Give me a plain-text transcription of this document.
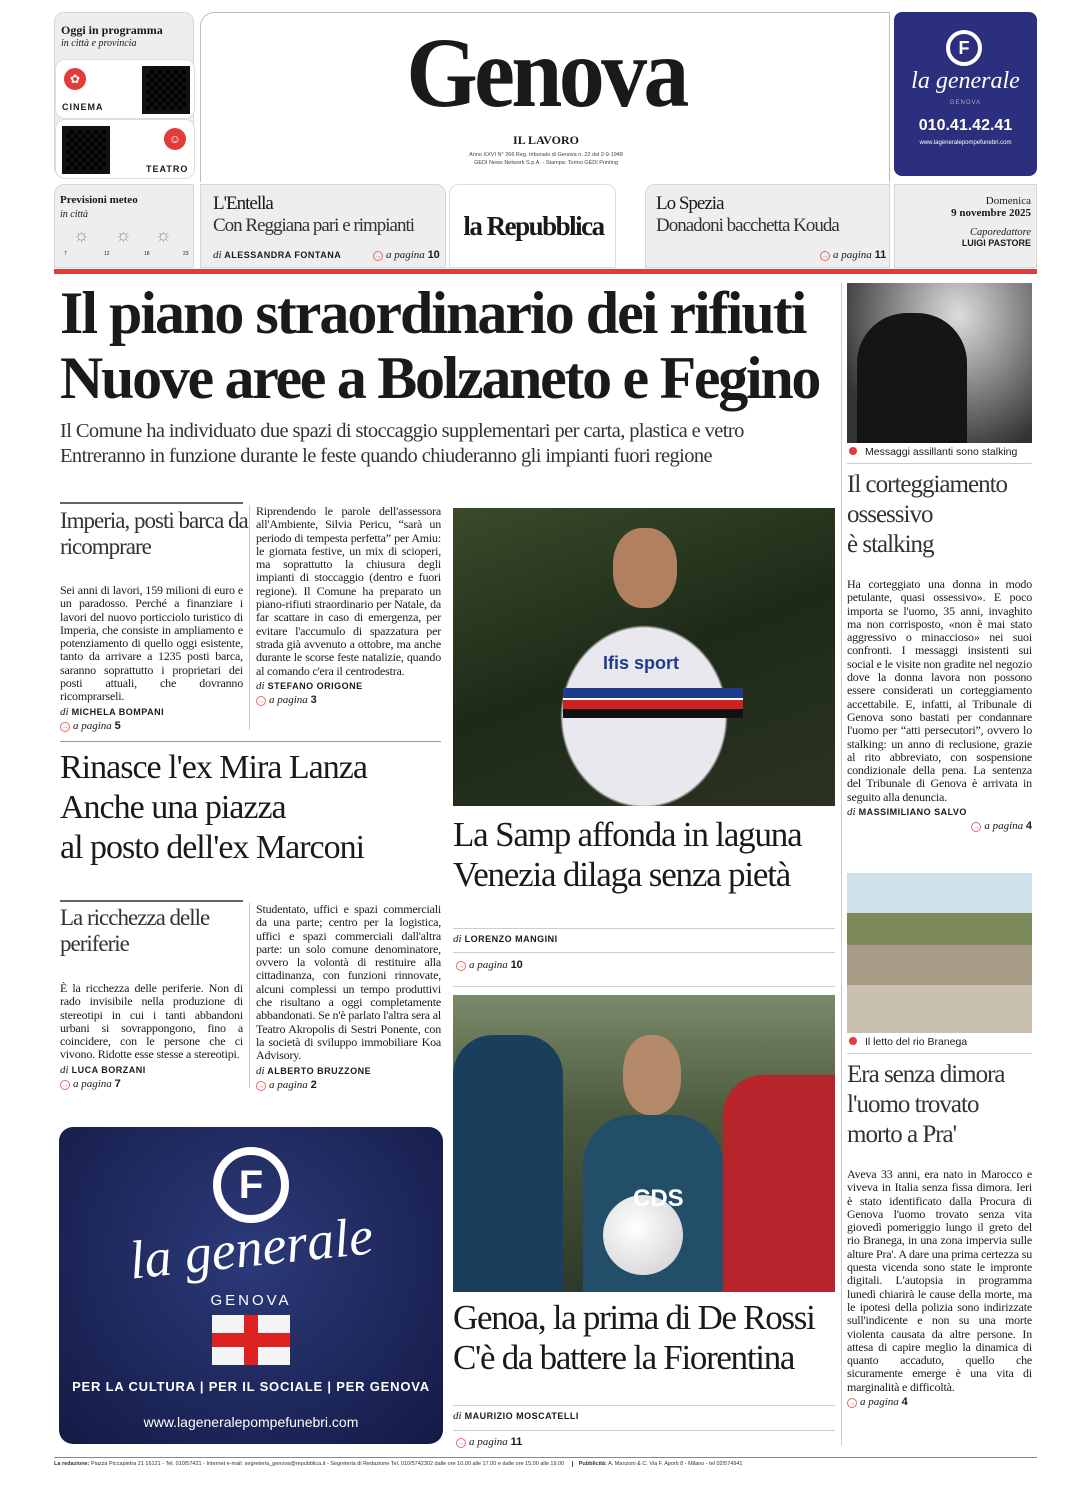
Oggi in programma
in città e provincia
✿
CINEMA
☺
TEATRO
Genova
IL LAVORO
Anno XXVI N° 266 Reg. tribunale di Genova n. 22 del 2-9-1948
GEDI News Network S.p.A. - Stampa: Torino GEDI Printing
F
la generale
GENOVA
010.41.42.41
www.lageneralepompefunebri.com
Previsioni meteo
in città
☼ ☼ ☼
7	12	18	23
L'Entella
Con Reggiana pari e rimpianti
di ALESSANDRA FONTANA	→ a pagina 10
la Repubblica
Lo Spezia
Donadoni bacchetta Kouda
→ a pagina 11
Domenica
9 novembre 2025
Caporedattore
LUIGI PASTORE
Il piano straordinario dei rifiuti
Nuove aree a Bolzaneto e Fegino
Il Comune ha individuato due spazi di stoccaggio supplementari per carta, plastica e vetro
Entreranno in funzione durante le feste quando chiuderanno gli impianti fuori regione
Imperia, posti barca da ricomprare
Sei anni di lavori, 159 milioni di euro e un paradosso. Perché a finanziare i lavori del nuovo porticciolo turistico di Imperia, che consiste in ampliamento e potenziamento di quello oggi esistente, tanto da arrivare a 1235 posti barca, saranno soprattutto i proprietari dei posti attuali, che dovranno ricomprarseli.
di MICHELA BOMPANI
→ a pagina 5
Riprendendo le parole dell'assessora all'Ambiente, Silvia Pericu, “sarà un periodo di tempesta perfetta” per Amiu: le giornata festive, un mix di scioperi, ma soprattutto la chiusura degli impianti di stoccaggio (dentro e fuori regione). Il Comune ha preparato un piano-rifiuti straordinario per Natale, da far scattare in caso di emergenza, per evitare l'accumulo di spazzatura per strada già avvenuto a ottobre, ma anche durante le scorse feste natalizie, quando al comando c'era il centrodestra.
di STEFANO ORIGONE
→ a pagina 3
Rinasce l'ex Mira Lanza
Anche una piazza
al posto dell'ex Marconi
La ricchezza delle periferie
È la ricchezza delle periferie. Non di rado invisibile nella produzione di stereotipi in cui i tanti abbandoni urbani si sovrappongono, fino a coincidere, con le persone che ci vivono. Ridotte esse stesse a stereotipi.
di LUCA BORZANI
→ a pagina 7
Studentato, uffici e spazi commerciali da una parte; centro per la logistica, uffici e spazi commerciali dall'altra parte: un solo comune denominatore, ovvero la volontà di restituire alla cittadinanza, con funzioni rinnovate, alcuni complessi un tempo produttivi che risultano a oggi completamente abbandonati. Se n'è parlato l'altra sera al Teatro Akropolis di Sestri Ponente, con la società di sviluppo immobiliare Koa Advisory.
di ALBERTO BRUZZONE
→ a pagina 2
F
la generale
GENOVA
PER LA CULTURA | PER IL SOCIALE | PER GENOVA
www.lageneralepompefunebri.com
Ifis sport
La Samp affonda in laguna
Venezia dilaga senza pietà
di LORENZO MANGINI
→ a pagina 10
CDS
Genoa, la prima di De Rossi
C'è da battere la Fiorentina
di MAURIZIO MOSCATELLI
→ a pagina 11
Messaggi assillanti sono stalking
Il corteggiamento
ossessivo
è stalking
Ha corteggiato una donna in modo petulante, quasi ossessivo». E poco importa se l'uomo, 35 anni, invaghito ma non corrisposto, «non è mai stato aggressivo o minaccioso» nei suoi confronti. I messaggi insistenti sui social e le visite non gradite nel negozio dove la donna lavora non possono essere considerati un corteggiamento accettabile. E, infatti, al Tribunale di Genova sono bastati per condannare l'uomo per “atti persecutori”, ovvero lo stalking: un anno di reclusione, grazie al rito abbreviato, con sospensione condizionale della pena. La sentenza del Tribunale di Genova è arrivata in seguito alla denuncia.
di MASSIMILIANO SALVO
→ a pagina 4
Il letto del rio Branega
Era senza dimora
l'uomo trovato
morto a Pra'
Aveva 33 anni, era nato in Marocco e viveva in Italia senza fissa dimora. Ieri è stato identificato dalla Procura di Genova l'uomo trovato senza vita giovedì pomeriggio lungo il greto del rio Branega, in una zona impervia sulle alture Pra'. A dare una prima certezza su questa vicenda sono state le impronte digitali. L'autopsia in programma lunedì chiarirà le cause della morte, ma le ipotesi della polizia sono indirizzate sull'indicente e non su una morte violenta causata da altre persone. In attesa di capire meglio la dinamica di quanto accaduto, quello che sicuramente emerge è una vita di marginalità e difficoltà.
→ a pagina 4
La redazione: Piazza Piccapietra 21 16121 - Tel. 010/57421 - Internet e-mail: segreteria_genova@repubblica.it - Segreteria di Redazione Tel. 010/5742302 dalle ore 10.00 alle 17.00 e dalle ore 15.00 alle 19.00	Pubblicità: A. Manzoni & C. Via F. Aporti 8 - Milano - tel 02/574941
